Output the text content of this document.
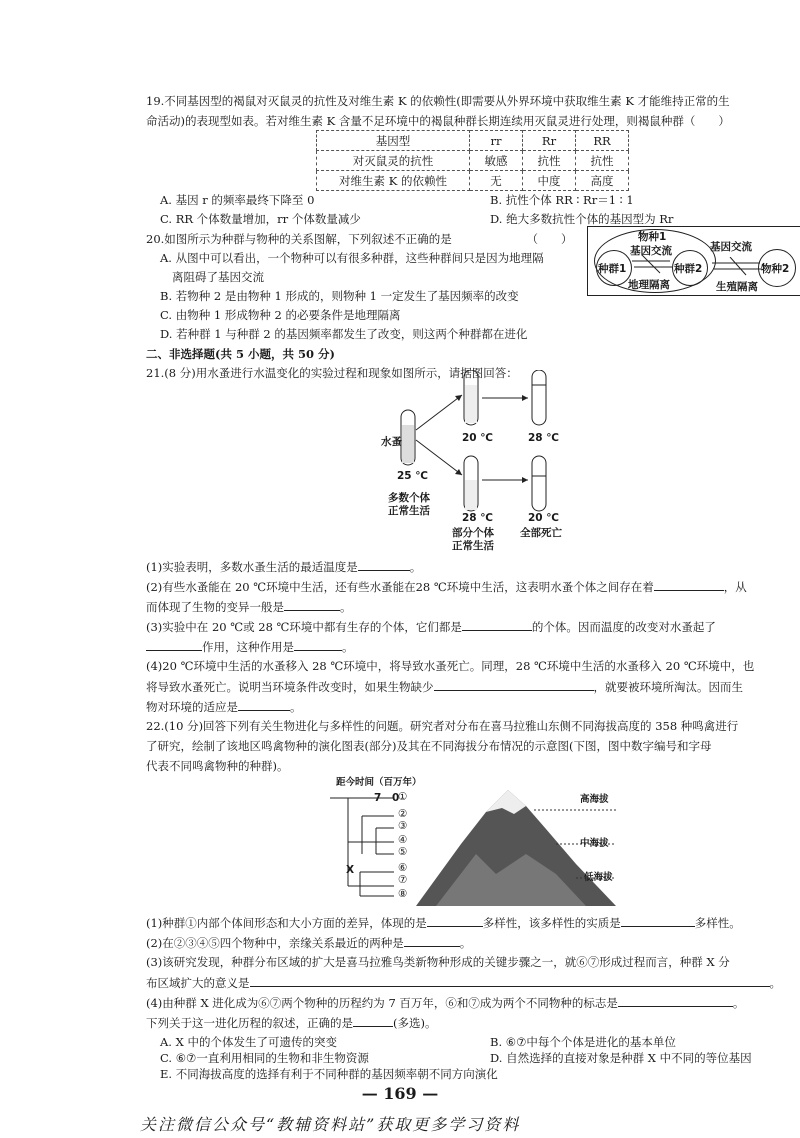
19.不同基因型的褐鼠对灭鼠灵的抗性及对维生素 K 的依赖性(即需要从外界环境中获取维生素 K 才能维持正常的生
命活动)的表现型如表。若对维生素 K 含量不足环境中的褐鼠种群长期连续用灭鼠灵进行处理，则褐鼠种群（　　）
基因型	rr	Rr	RR
对灭鼠灵的抗性	敏感	抗性	抗性
对维生素 K 的依赖性	无	中度	高度
A. 基因 r 的频率最终下降至 0	B. 抗性个体 RR ∶ Rr＝1 ∶ 1
C. RR 个体数量增加，rr 个体数量减少	D. 绝大多数抗性个体的基因型为 Rr
20.如图所示为种群与物种的关系图解，下列叙述不正确的是　　　　　　　（　　）
A. 从图中可以看出，一个物种可以有很多种群，这些种群间只是因为地理隔
离阻碍了基因交流
B. 若物种 2 是由物种 1 形成的，则物种 1 一定发生了基因频率的改变
C. 由物种 1 形成物种 2 的必要条件是地理隔离
D. 若种群 1 与种群 2 的基因频率都发生了改变，则这两个种群都在进化
物种1
基因交流
种群1	种群2
地理隔离
基因交流
生殖隔离
物种2
二、非选择题(共 5 小题，共 50 分)
21.(8 分)用水蚤进行水温变化的实验过程和现象如图所示，请据图回答：
水蚤
25 ℃
多数个体
正常生活
20 ℃	28 ℃
28 ℃
部分个体
正常生活
20 ℃
全部死亡
(1)实验表明，多数水蚤生活的最适温度是	。
(2)有些水蚤能在 20 ℃环境中生活，还有些水蚤能在28 ℃环境中生活，这表明水蚤个体之间存在着	，从
而体现了生物的变异一般是	。
(3)实验中在 20 ℃或 28 ℃环境中都有生存的个体，它们都是	的个体。因而温度的改变对水蚤起了
作用，这种作用是	。
(4)20 ℃环境中生活的水蚤移入 28 ℃环境中，将导致水蚤死亡。同理，28 ℃环境中生活的水蚤移入 20 ℃环境中，也
将导致水蚤死亡。说明当环境条件改变时，如果生物缺少	，就要被环境所淘汰。因而生
物对环境的适应是	。
22.(10 分)回答下列有关生物进化与多样性的问题。研究者对分布在喜马拉雅山东侧不同海拔高度的 358 种鸣禽进行
了研究，绘制了该地区鸣禽物种的演化图表(部分)及其在不同海拔分布情况的示意图(下图，图中数字编号和字母
代表不同鸣禽物种的种群)。
距今时间（百万年）
7 0	高海拔
中海拔
低海拔
X
①
②
③
④
⑤
⑥
⑦
⑧
(1)种群①内部个体间形态和大小方面的差异，体现的是	多样性，该多样性的实质是	多样性。
(2)在②③④⑤四个物种中，亲缘关系最近的两种是	。
(3)该研究发现，种群分布区域的扩大是喜马拉雅鸟类新物种形成的关键步骤之一，就⑥⑦形成过程而言，种群 X 分
布区域扩大的意义是	。
(4)由种群 X 进化成为⑥⑦两个物种的历程约为 7 百万年，⑥和⑦成为两个不同物种的标志是	。
下列关于这一进化历程的叙述，正确的是	(多选)。
A. X 中的个体发生了可遗传的突变	B. ⑥⑦中每个个体是进化的基本单位
C. ⑥⑦一直利用相同的生物和非生物资源	D. 自然选择的直接对象是种群 X 中不同的等位基因
E. 不同海拔高度的选择有利于不同种群的基因频率朝不同方向演化
— 169 —
关注微信公众号“教辅资料站”获取更多学习资料
